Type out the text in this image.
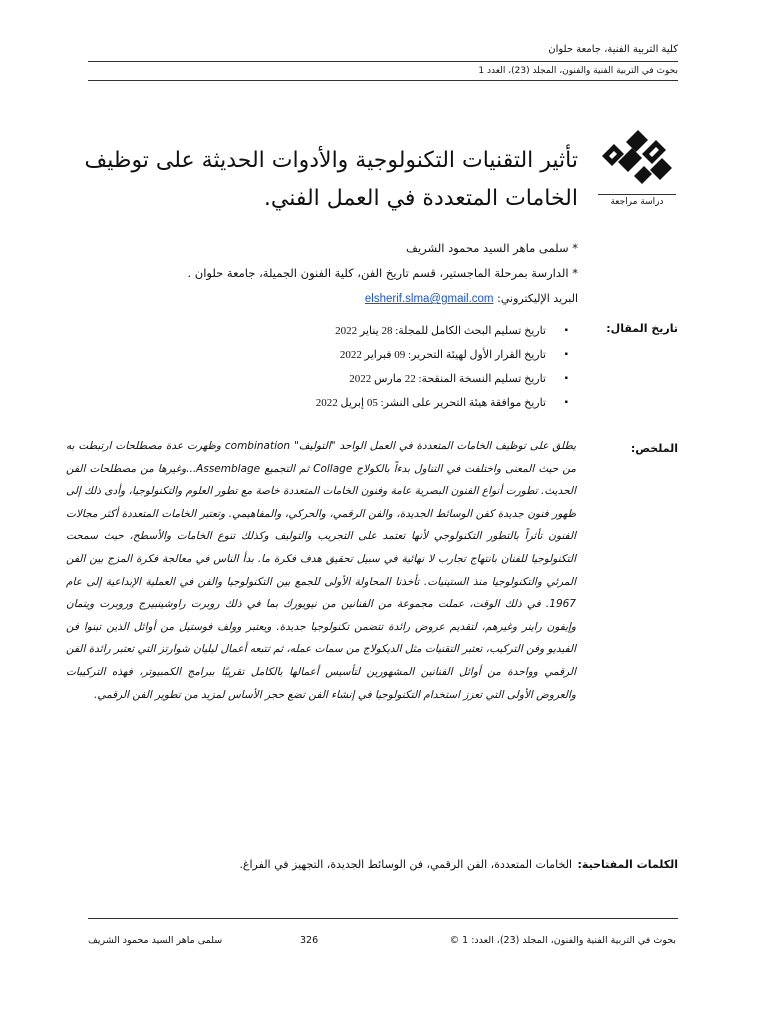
كلية التربية الفنية، جامعة حلوان
بحوث في التربية الفنية والفنون، المجلد (23)، العدد 1
دراسة مراجعة
تأثير التقنيات التكنولوجية والأدوات الحديثة على توظيف الخامات المتعددة في العمل الفني.
* سلمى ماهر السيد محمود الشريف
* الدارسة بمرحلة الماجستير، قسم تاريخ الفن، كلية الفنون الجميلة، جامعة حلوان .
البريد الإليكتروني: elsherif.slma@gmail.com
تاريخ المقال:
▪ تاريخ تسليم البحث الكامل للمجلة: 28 يناير 2022
▪ تاريخ القرار الأول لهيئة التحرير: 09 فبراير 2022
▪ تاريخ تسليم النسخة المنقحة: 22 مارس 2022
▪ تاريخ موافقة هيئة التحرير على النشر: 05 إبريل 2022
الملخص:
يطلق على توظيف الخامات المتعددة في العمل الواحد "التوليف" combination وظهرت عدة مصطلحات ارتبطت به من حيث المعنى واختلفت في التناول بدءاً بالكولاج Collage ثم التجميع Assemblage...وغيرها من مصطلحات الفن الحديث. تطورت أنواع الفنون البصرية عامة وفنون الخامات المتعددة خاصة مع تطور العلوم والتكنولوجيا، وأدى ذلك إلى ظهور فنون جديدة كفن الوسائط الجديدة، والفن الرقمي، والحركي، والمفاهيمي. وتعتبر الخامات المتعددة أكثر مجالات الفنون تأثراً بالتطور التكنولوجي لأنها تعتمد على التجريب والتوليف وكذلك تنوع الخامات والأسطح، حيث سمحت التكنولوجيا للفنان بانتهاج تجارب لا نهائية في سبيل تحقيق هدف فكرة ما. بدأ الناس في معالجة فكرة المزج بين الفن المرئي والتكنولوجيا منذ الستينيات. تأخذنا المحاولة الأولى للجمع بين التكنولوجيا والفن في العملية الإبداعية إلى عام 1967. في ذلك الوقت، عملت مجموعة من الفنانين من نيويورك بما في ذلك روبرت راوشينبيرج وروبرت ويتمان وإيفون راينر وغيرهم، لتقديم عروض رائدة تتضمن تكنولوجيا جديدة. ويعتبر وولف فوستيل من أوائل الذين تبنوا فن الفيديو وفن التركيب، تعتبر التقنيات مثل الديكولاج من سمات عمله، ثم تتبعه أعمال ليليان شوارتز التي تعتبر رائدة الفن الرقمي وواحدة من أوائل الفنانين المشهورين لتأسيس أعمالها بالكامل تقريبًا ببرامج الكمبيوتر، فهذه التركيبات والعروض الأولى التي تعزز استخدام التكنولوجيا في إنشاء الفن تضع حجر الأساس لمزيد من تطوير الفن الرقمي.
الكلمات المفتاحية:
الخامات المتعددة، الفن الرقمي، فن الوسائط الجديدة، التجهيز في الفراغ.
بحوث في التربية الفنية والفنون، المجلد (23)، العدد: 1 ©
326
سلمى ماهر السيد محمود الشريف
